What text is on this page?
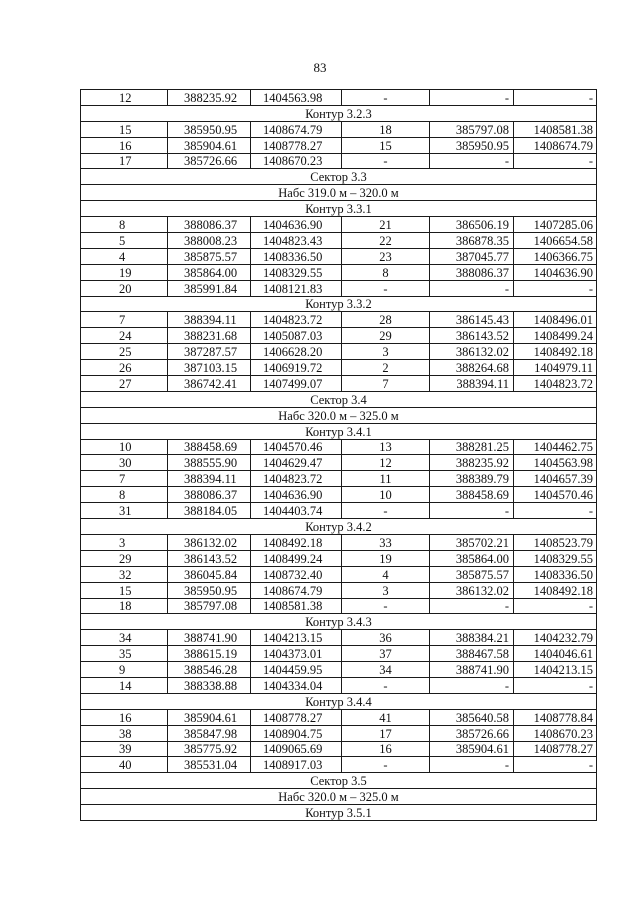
83
12	388235.92	1404563.98	-	-	-
Контур 3.2.3					
15	385950.95	1408674.79	18	385797.08	1408581.38
16	385904.61	1408778.27	15	385950.95	1408674.79
17	385726.66	1408670.23	-	-	-
Сектор 3.3					
Набс 319.0 м – 320.0 м					
Контур 3.3.1					
8	388086.37	1404636.90	21	386506.19	1407285.06
5	388008.23	1404823.43	22	386878.35	1406654.58
4	385875.57	1408336.50	23	387045.77	1406366.75
19	385864.00	1408329.55	8	388086.37	1404636.90
20	385991.84	1408121.83	-	-	-
Контур 3.3.2					
7	388394.11	1404823.72	28	386145.43	1408496.01
24	388231.68	1405087.03	29	386143.52	1408499.24
25	387287.57	1406628.20	3	386132.02	1408492.18
26	387103.15	1406919.72	2	388264.68	1404979.11
27	386742.41	1407499.07	7	388394.11	1404823.72
Сектор 3.4					
Набс 320.0 м – 325.0 м					
Контур 3.4.1					
10	388458.69	1404570.46	13	388281.25	1404462.75
30	388555.90	1404629.47	12	388235.92	1404563.98
7	388394.11	1404823.72	11	388389.79	1404657.39
8	388086.37	1404636.90	10	388458.69	1404570.46
31	388184.05	1404403.74	-	-	-
Контур 3.4.2					
3	386132.02	1408492.18	33	385702.21	1408523.79
29	386143.52	1408499.24	19	385864.00	1408329.55
32	386045.84	1408732.40	4	385875.57	1408336.50
15	385950.95	1408674.79	3	386132.02	1408492.18
18	385797.08	1408581.38	-	-	-
Контур 3.4.3					
34	388741.90	1404213.15	36	388384.21	1404232.79
35	388615.19	1404373.01	37	388467.58	1404046.61
9	388546.28	1404459.95	34	388741.90	1404213.15
14	388338.88	1404334.04	-	-	-
Контур 3.4.4					
16	385904.61	1408778.27	41	385640.58	1408778.84
38	385847.98	1408904.75	17	385726.66	1408670.23
39	385775.92	1409065.69	16	385904.61	1408778.27
40	385531.04	1408917.03	-	-	-
Сектор 3.5					
Набс 320.0 м – 325.0 м					
Контур 3.5.1					
